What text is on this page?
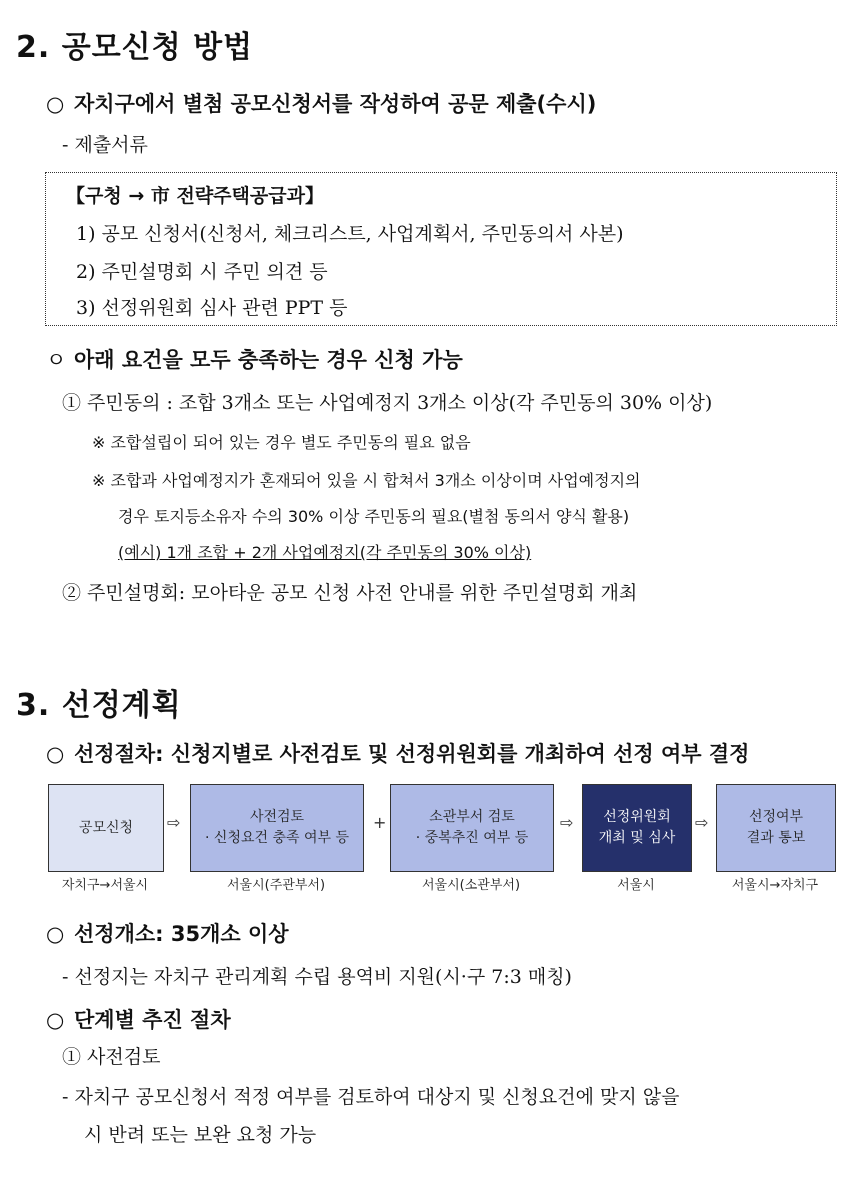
2. 공모신청 방법
○ 자치구에서 별첨 공모신청서를 작성하여 공문 제출(수시)
- 제출서류
【구청 → 市 전략주택공급과】
1) 공모 신청서(신청서, 체크리스트, 사업계획서, 주민동의서 사본)
2) 주민설명회 시 주민 의견 등
3) 선정위원회 심사 관련 PPT 등
ㅇ 아래 요건을 모두 충족하는 경우 신청 가능
① 주민동의 : 조합 3개소 또는 사업예정지 3개소 이상(각 주민동의 30% 이상)
※ 조합설립이 되어 있는 경우 별도 주민동의 필요 없음
※ 조합과 사업예정지가 혼재되어 있을 시 합쳐서 3개소 이상이며 사업예정지의
경우 토지등소유자 수의 30% 이상 주민동의 필요(별첨 동의서 양식 활용)
(예시) 1개 조합 + 2개 사업예정지(각 주민동의 30% 이상)
② 주민설명회: 모아타운 공모 신청 사전 안내를 위한 주민설명회 개최
3. 선정계획
○ 선정절차: 신청지별로 사전검토 및 선정위원회를 개최하여 선정 여부 결정
공모신청 ⇨	사전검토
· 신청요건 충족 여부 등
+	소관부서 검토
· 중복추진 여부 등
⇨ 선정위원회
개최 및 심사
⇨	선정여부
결과 통보
자치구→서울시	서울시(주관부서)	서울시(소관부서)	서울시	서울시→자치구
○ 선정개소: 35개소 이상
- 선정지는 자치구 관리계획 수립 용역비 지원(시·구 7:3 매칭)
○ 단계별 추진 절차
① 사전검토
- 자치구 공모신청서 적정 여부를 검토하여 대상지 및 신청요건에 맞지 않을
시 반려 또는 보완 요청 가능
